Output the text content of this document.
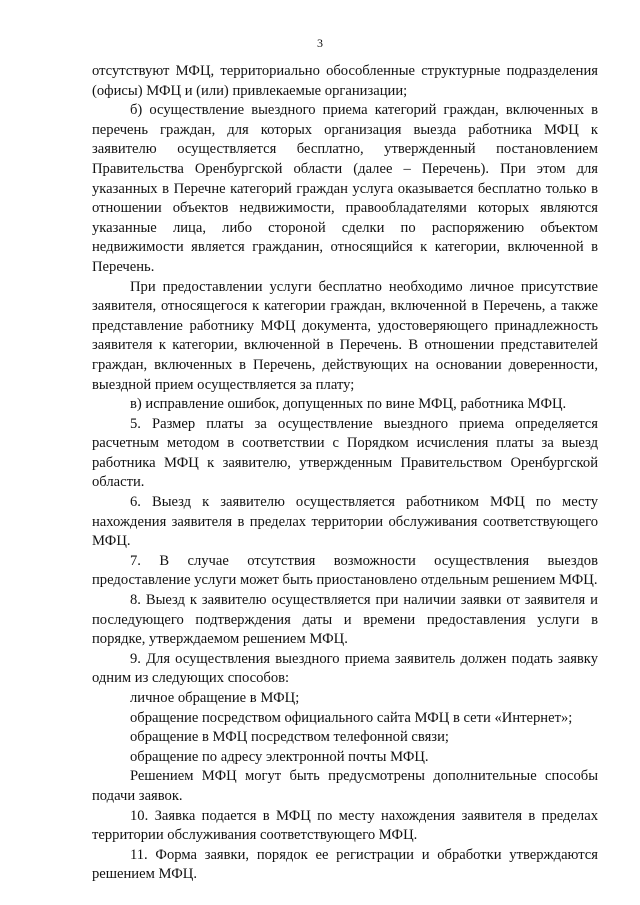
3

отсутствуют МФЦ, территориально обособленные структурные подразделения (офисы) МФЦ и (или) привлекаемые организации;

б) осуществление выездного приема категорий граждан, включенных в перечень граждан, для которых организация выезда работника МФЦ к заявителю осуществляется бесплатно, утвержденный постановлением Правительства Оренбургской области (далее – Перечень). При этом для указанных в Перечне категорий граждан услуга оказывается бесплатно только в отношении объектов недвижимости, правообладателями которых являются указанные лица, либо стороной сделки по распоряжению объектом недвижимости является гражданин, относящийся к категории, включенной в Перечень.

При предоставлении услуги бесплатно необходимо личное присутствие заявителя, относящегося к категории граждан, включенной в Перечень, а также представление работнику МФЦ документа, удостоверяющего принадлежность заявителя к категории, включенной в Перечень. В отношении представителей граждан, включенных в Перечень, действующих на основании доверенности, выездной прием осуществляется за плату;

в) исправление ошибок, допущенных по вине МФЦ, работника МФЦ.

5. Размер платы за осуществление выездного приема определяется расчетным методом в соответствии с Порядком исчисления платы за выезд работника МФЦ к заявителю, утвержденным Правительством Оренбургской области.

6. Выезд к заявителю осуществляется работником МФЦ по месту нахождения заявителя в пределах территории обслуживания соответствующего МФЦ.

7. В случае отсутствия возможности осуществления выездов предоставление услуги может быть приостановлено отдельным решением МФЦ.

8. Выезд к заявителю осуществляется при наличии заявки от заявителя и последующего подтверждения даты и времени предоставления услуги в порядке, утверждаемом решением МФЦ.

9. Для осуществления выездного приема заявитель должен подать заявку одним из следующих способов:

личное обращение в МФЦ;

обращение посредством официального сайта МФЦ в сети «Интернет»;

обращение в МФЦ посредством телефонной связи;

обращение по адресу электронной почты МФЦ.

Решением МФЦ могут быть предусмотрены дополнительные способы подачи заявок.

10. Заявка подается в МФЦ по месту нахождения заявителя в пределах территории обслуживания соответствующего МФЦ.

11. Форма заявки, порядок ее регистрации и обработки утверждаются решением МФЦ.
